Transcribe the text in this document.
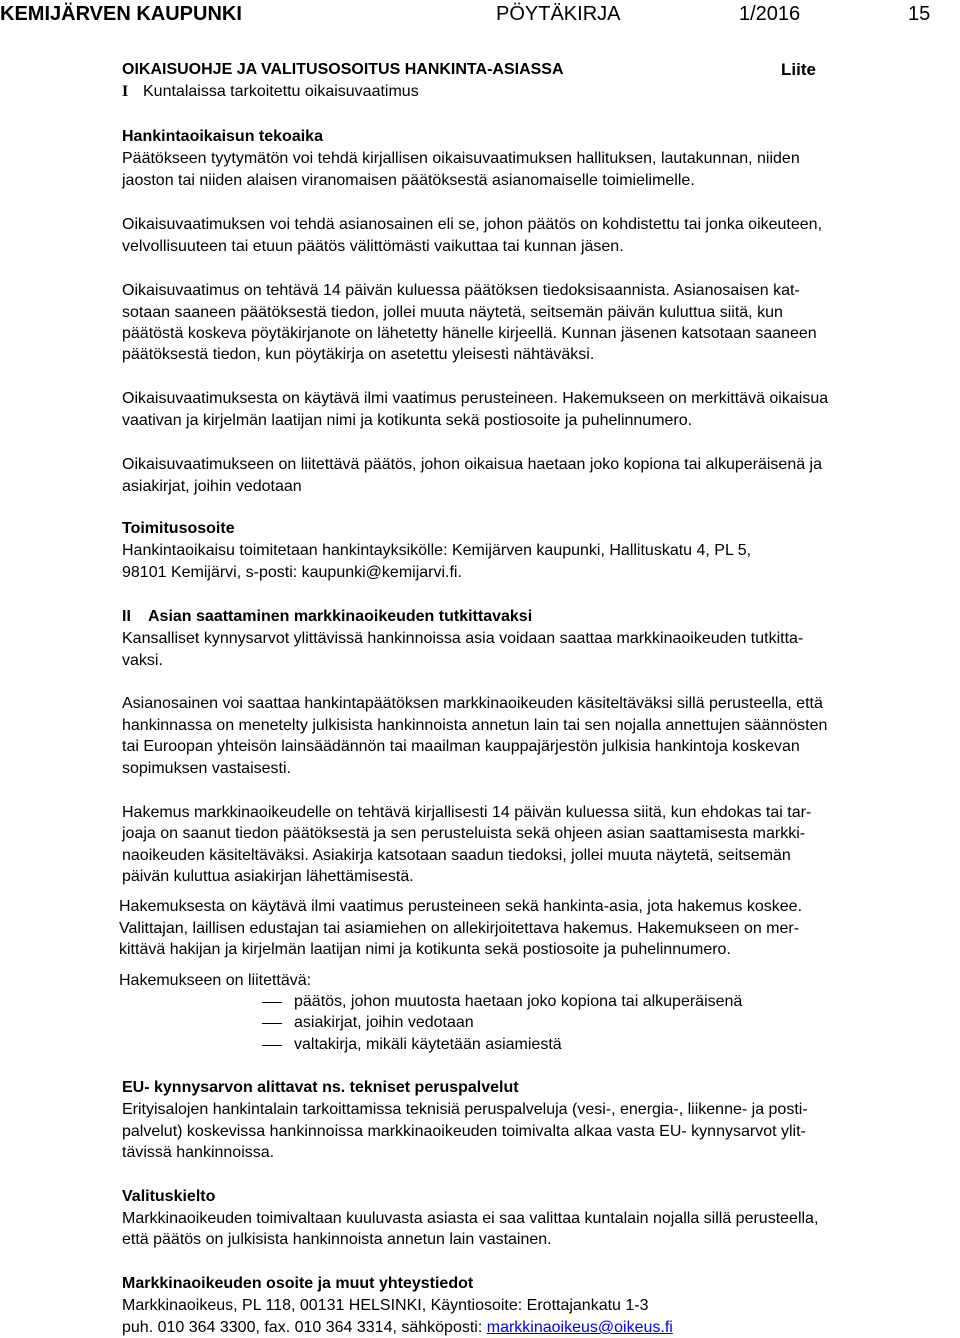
KEMIJÄRVEN KAUPUNKI	PÖYTÄKIRJA	1/2016	15
OIKAISUOHJE JA VALITUSOSOITUS HANKINTA-ASIASSA	Liite
I Kuntalaissa tarkoitettu oikaisuvaatimus
Hankintaoikaisun tekoaika
Päätökseen tyytymätön voi tehdä kirjallisen oikaisuvaatimuksen hallituksen, lautakunnan, niiden
jaoston tai niiden alaisen viranomaisen päätöksestä asianomaiselle toimielimelle.
Oikaisuvaatimuksen voi tehdä asianosainen eli se, johon päätös on kohdistettu tai jonka oikeuteen,
velvollisuuteen tai etuun päätös välittömästi vaikuttaa tai kunnan jäsen.
Oikaisuvaatimus on tehtävä 14 päivän kuluessa päätöksen tiedoksisaannista. Asianosaisen kat-
sotaan saaneen päätöksestä tiedon, jollei muuta näytetä, seitsemän päivän kuluttua siitä, kun
päätöstä koskeva pöytäkirjanote on lähetetty hänelle kirjeellä. Kunnan jäsenen katsotaan saaneen
päätöksestä tiedon, kun pöytäkirja on asetettu yleisesti nähtäväksi.
Oikaisuvaatimuksesta on käytävä ilmi vaatimus perusteineen. Hakemukseen on merkittävä oikaisua
vaativan ja kirjelmän laatijan nimi ja kotikunta sekä postiosoite ja puhelinnumero.
Oikaisuvaatimukseen on liitettävä päätös, johon oikaisua haetaan joko kopiona tai alkuperäisenä ja
asiakirjat, joihin vedotaan
Toimitusosoite
Hankintaoikaisu toimitetaan hankintayksikölle: Kemijärven kaupunki, Hallituskatu 4, PL 5,
98101 Kemijärvi, s-posti: kaupunki@kemijarvi.fi.
II Asian saattaminen markkinaoikeuden tutkittavaksi
Kansalliset kynnysarvot ylittävissä hankinnoissa asia voidaan saattaa markkinaoikeuden tutkitta-
vaksi.
Asianosainen voi saattaa hankintapäätöksen markkinaoikeuden käsiteltäväksi sillä perusteella, että
hankinnassa on menetelty julkisista hankinnoista annetun lain tai sen nojalla annettujen säännösten
tai Euroopan yhteisön lainsäädännön tai maailman kauppajärjestön julkisia hankintoja koskevan
sopimuksen vastaisesti.
Hakemus markkinaoikeudelle on tehtävä kirjallisesti 14 päivän kuluessa siitä, kun ehdokas tai tar-
joaja on saanut tiedon päätöksestä ja sen perusteluista sekä ohjeen asian saattamisesta markki-
naoikeuden käsiteltäväksi. Asiakirja katsotaan saadun tiedoksi, jollei muuta näytetä, seitsemän
päivän kuluttua asiakirjan lähettämisestä.
Hakemuksesta on käytävä ilmi vaatimus perusteineen sekä hankinta-asia, jota hakemus koskee.
Valittajan, laillisen edustajan tai asiamiehen on allekirjoitettava hakemus. Hakemukseen on mer-
kittävä hakijan ja kirjelmän laatijan nimi ja kotikunta sekä postiosoite ja puhelinnumero.
Hakemukseen on liitettävä:
päätös, johon muutosta haetaan joko kopiona tai alkuperäisenä
asiakirjat, joihin vedotaan
valtakirja, mikäli käytetään asiamiestä
EU- kynnysarvon alittavat ns. tekniset peruspalvelut
Erityisalojen hankintalain tarkoittamissa teknisiä peruspalveluja (vesi-, energia-, liikenne- ja posti-
palvelut) koskevissa hankinnoissa markkinaoikeuden toimivalta alkaa vasta EU- kynnysarvot ylit-
tävissä hankinnoissa.
Valituskielto
Markkinaoikeuden toimivaltaan kuuluvasta asiasta ei saa valittaa kuntalain nojalla sillä perusteella,
että päätös on julkisista hankinnoista annetun lain vastainen.
Markkinaoikeuden osoite ja muut yhteystiedot
Markkinaoikeus, PL 118, 00131 HELSINKI, Käyntiosoite: Erottajankatu 1-3
puh. 010 364 3300, fax. 010 364 3314, sähköposti: markkinaoikeus@oikeus.fi
